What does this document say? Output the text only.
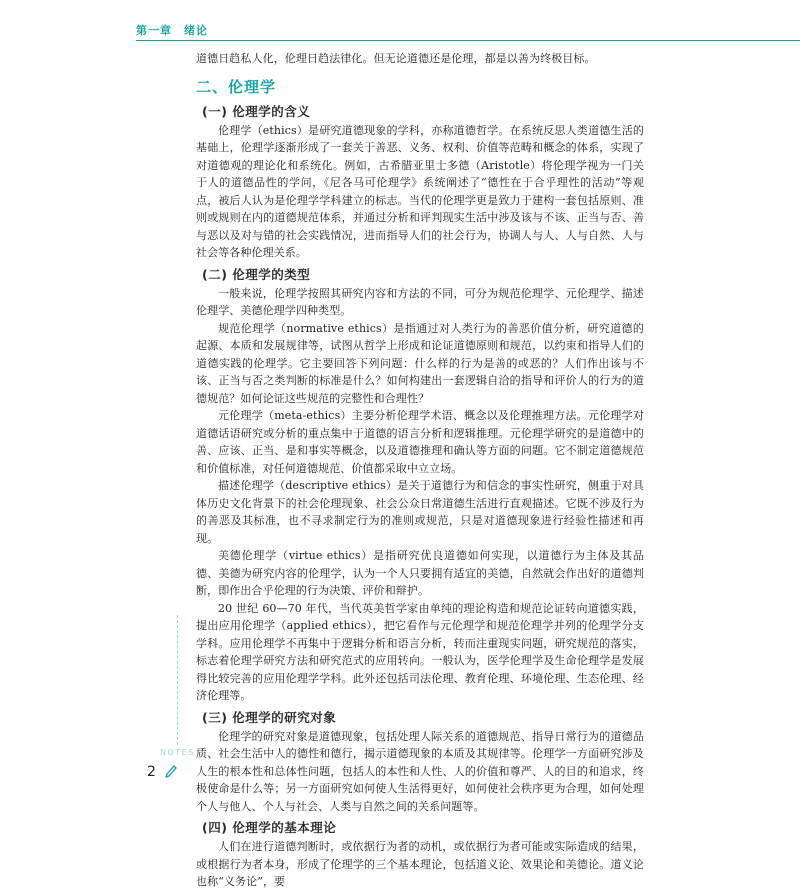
第一章 绪论

道德日趋私人化，伦理日趋法律化。但无论道德还是伦理，都是以善为终极目标。

二、伦理学
(一) 伦理学的含义

伦理学（ethics）是研究道德现象的学科，亦称道德哲学。在系统反思人类道德生活的基础上，伦理学逐渐形成了一套关于善恶、义务、权利、价值等范畴和概念的体系，实现了对道德观的理论化和系统化。例如，古希腊亚里士多德（Aristotle）将伦理学视为一门关于人的道德品性的学问，《尼各马可伦理学》系统阐述了“德性在于合乎理性的活动”等观点，被后人认为是伦理学学科建立的标志。当代的伦理学更是致力于建构一套包括原则、准则或规则在内的道德规范体系，并通过分析和评判现实生活中涉及该与不该、正当与否、善与恶以及对与错的社会实践情况，进而指导人们的社会行为，协调人与人、人与自然、人与社会等各种伦理关系。

(二) 伦理学的类型

一般来说，伦理学按照其研究内容和方法的不同，可分为规范伦理学、元伦理学、描述伦理学、美德伦理学四种类型。

规范伦理学（normative ethics）是指通过对人类行为的善恶价值分析，研究道德的起源、本质和发展规律等，试图从哲学上形成和论证道德原则和规范，以约束和指导人们的道德实践的伦理学。它主要回答下列问题：什么样的行为是善的或恶的？人们作出该与不该、正当与否之类判断的标准是什么？如何构建出一套逻辑自洽的指导和评价人的行为的道德规范？如何论证这些规范的完整性和合理性？

元伦理学（meta-ethics）主要分析伦理学术语、概念以及伦理推理方法。元伦理学对道德话语研究或分析的重点集中于道德的语言分析和逻辑推理。元伦理学研究的是道德中的善、应该、正当、是和事实等概念，以及道德推理和确认等方面的问题。它不制定道德规范和价值标准，对任何道德规范、价值都采取中立立场。

描述伦理学（descriptive ethics）是关于道德行为和信念的事实性研究，侧重于对具体历史文化背景下的社会伦理现象、社会公众日常道德生活进行直观描述。它既不涉及行为的善恶及其标准，也不寻求制定行为的准则或规范，只是对道德现象进行经验性描述和再现。

美德伦理学（virtue ethics）是指研究优良道德如何实现，以道德行为主体及其品德、美德为研究内容的伦理学，认为一个人只要拥有适宜的美德，自然就会作出好的道德判断，即作出合乎伦理的行为决策、评价和辩护。

20 世纪 60—70 年代，当代英美哲学家由单纯的理论构造和规范论证转向道德实践，提出应用伦理学（applied ethics），把它看作与元伦理学和规范伦理学并列的伦理学分支学科。应用伦理学不再集中于逻辑分析和语言分析，转而注重现实问题，研究规范的落实，标志着伦理学研究方法和研究范式的应用转向。一般认为，医学伦理学及生命伦理学是发展得比较完善的应用伦理学学科。此外还包括司法伦理、教育伦理、环境伦理、生态伦理、经济伦理等。

(三) 伦理学的研究对象

伦理学的研究对象是道德现象，包括处理人际关系的道德规范、指导日常行为的道德品质、社会生活中人的德性和德行，揭示道德现象的本质及其规律等。伦理学一方面研究涉及人生的根本性和总体性问题，包括人的本性和人性、人的价值和尊严、人的目的和追求，终极使命是什么等；另一方面研究如何使人生活得更好，如何使社会秩序更为合理，如何处理个人与他人、个人与社会、人类与自然之间的关系问题等。

(四) 伦理学的基本理论

人们在进行道德判断时，或依据行为者的动机，或依据行为者可能或实际造成的结果，或根据行为者本身，形成了伦理学的三个基本理论，包括道义论、效果论和美德论。道义论也称“义务论”，要

NOTES
2
